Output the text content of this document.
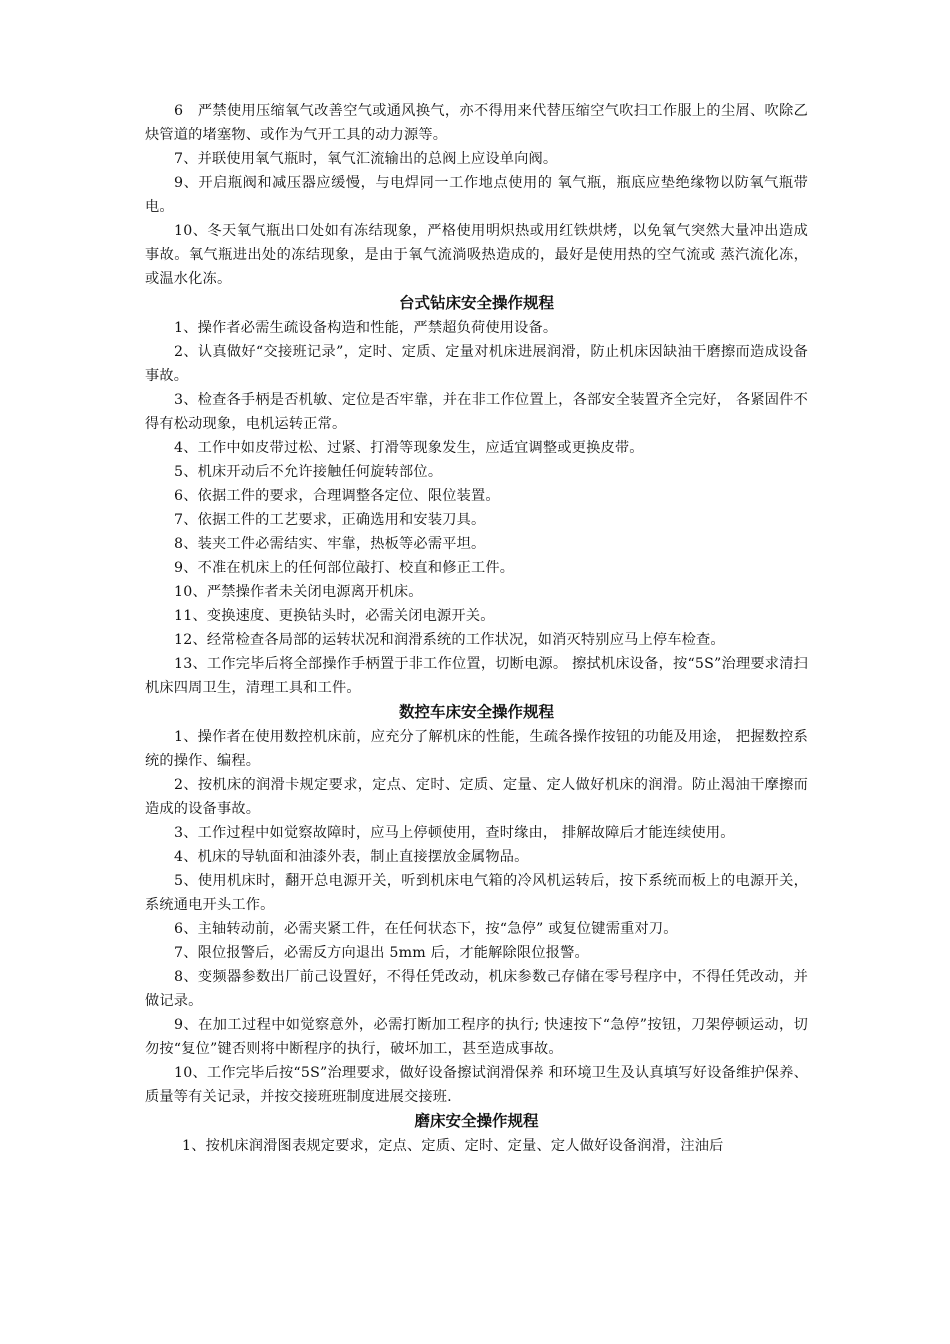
6　严禁使用压缩氧气改善空气或通风换气，亦不得用来代替压缩空气吹扫工作服上的尘屑、吹除乙炔管道的堵塞物、或作为气开工具的动力源等。

7、并联使用氧气瓶时，氧气汇流输出的总阀上应设单向阀。

9、开启瓶阀和减压器应缓慢，与电焊同一工作地点使用的 氧气瓶，瓶底应垫绝缘物以防氧气瓶带电。

10、冬天氧气瓶出口处如有冻结现象，严格使用明炽热或用红铁烘烤，以免氧气突然大量冲出造成事故。氧气瓶进出处的冻结现象，是由于氧气流淌吸热造成的，最好是使用热的空气流或 蒸汽流化冻，或温水化冻。

台式钻床安全操作规程

1、操作者必需生疏设备构造和性能，严禁超负荷使用设备。

2、认真做好“交接班记录”，定时、定质、定量对机床进展润滑，防止机床因缺油干磨擦而造成设备事故。

3、检查各手柄是否机敏、定位是否牢靠，并在非工作位置上，各部安全装置齐全完好， 各紧固件不得有松动现象，电机运转正常。

4、工作中如皮带过松、过紧、打滑等现象发生，应适宜调整或更换皮带。

5、机床开动后不允许接触任何旋转部位。

6、依据工件的要求，合理调整各定位、限位装置。

7、依据工件的工艺要求，正确选用和安装刀具。

8、装夹工件必需结实、牢靠，热板等必需平坦。

9、不准在机床上的任何部位敲打、校直和修正工件。

10、严禁操作者未关闭电源离开机床。

11、变换速度、更换钻头时，必需关闭电源开关。

12、经常检查各局部的运转状况和润滑系统的工作状况，如消灭特别应马上停车检查。

13、工作完毕后将全部操作手柄置于非工作位置，切断电源。 擦拭机床设备，按“5S”治理要求清扫机床四周卫生，清理工具和工件。

数控车床安全操作规程

1、操作者在使用数控机床前，应充分了解机床的性能，生疏各操作按钮的功能及用途， 把握数控系统的操作、编程。

2、按机床的润滑卡规定要求，定点、定时、定质、定量、定人做好机床的润滑。防止渴油干摩擦而造成的设备事故。

3、工作过程中如觉察故障时，应马上停顿使用，查时缘由， 排解故障后才能连续使用。

4、机床的导轨面和油漆外表，制止直接摆放金属物品。

5、使用机床时，翻开总电源开关，听到机床电气箱的冷风机运转后，按下系统而板上的电源开关，系统通电开头工作。

6、主轴转动前，必需夹紧工件，在任何状态下，按“急停” 或复位键需重对刀。

7、限位报警后，必需反方向退出 5mm 后，才能解除限位报警。

8、变频器参数出厂前己设置好，不得任凭改动，机床参数己存储在零号程序中，不得任凭改动，并做记录。

9、在加工过程中如觉察意外，必需打断加工程序的执行; 快速按下“急停”按钮，刀架停顿运动，切勿按“复位”键否则将中断程序的执行，破坏加工，甚至造成事故。

10、工作完毕后按“5S”治理要求，做好设备擦试润滑保养 和环境卫生及认真填写好设备维护保养、质量等有关记录，并按交接班班制度进展交接班.

磨床安全操作规程

1、按机床润滑图表规定要求，定点、定质、定时、定量、定人做好设备润滑，注油后
